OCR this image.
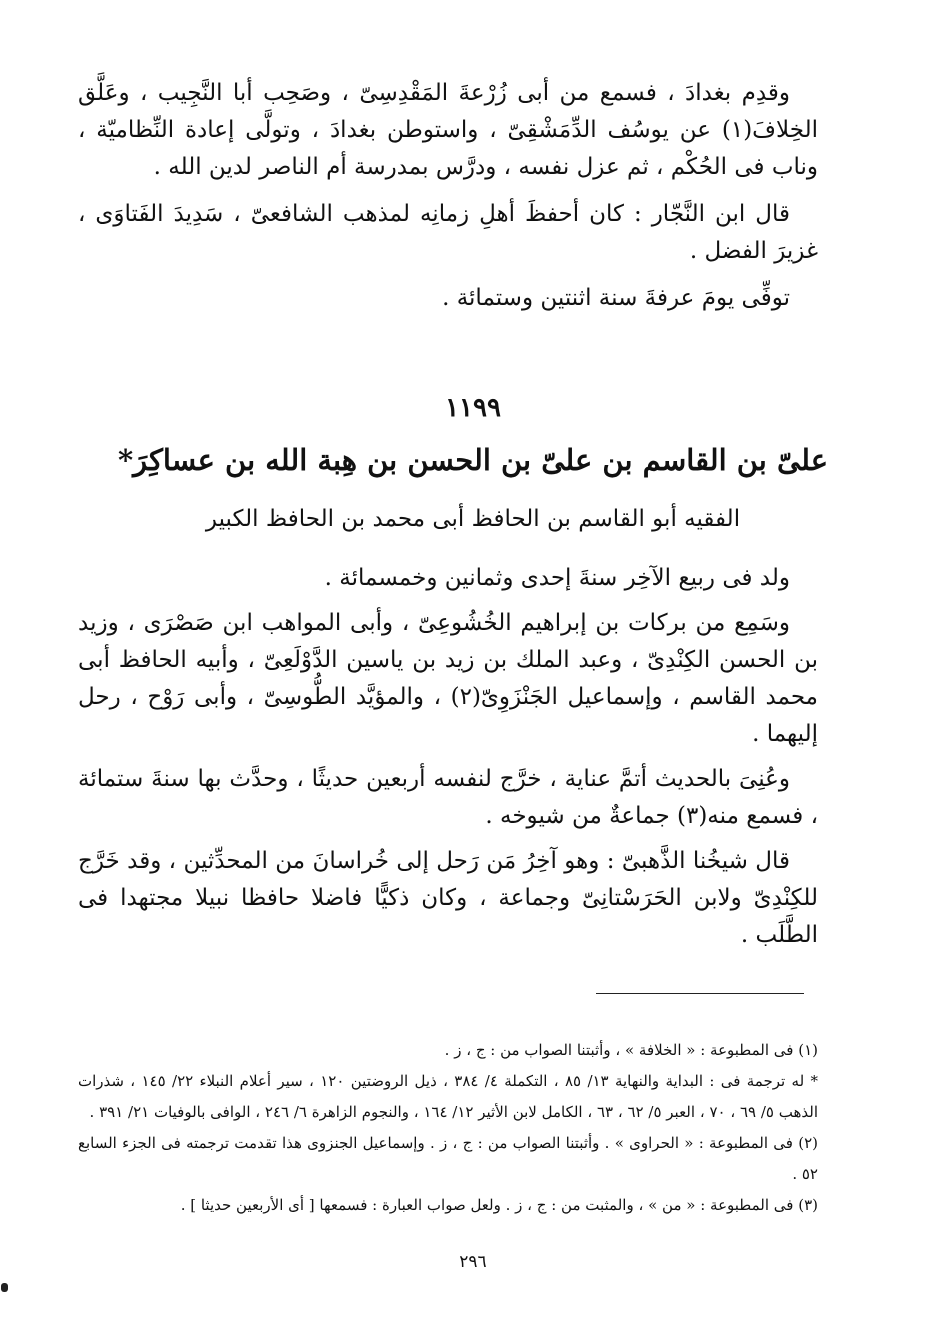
وقدِم بغدادَ ، فسمع من أبى زُرْعةَ المَقْدِسِىّ ، وصَحِب أبا النَّجِيب ، وعَلَّق الخِلافَ(١) عن يوسُف الدِّمَشْقِىّ ، واستوطن بغدادَ ، وتولَّى إعادة النِّظاميّة ، وناب فى الحُكْم ، ثم عزل نفسه ، ودرَّس بمدرسة أم الناصر لدين الله .

قال ابن النَّجّار : كان أحفظَ أهلِ زمانِه لمذهب الشافعىّ ، سَدِيدَ الفَتاوَى ، غزيرَ الفضل .

توفِّى يومَ عرفةَ سنة اثنتين وستمائة .

١١٩٩
علىّ بن القاسم بن علىّ بن الحسن بن هِبة الله بن عساكِرَ*
الفقيه أبو القاسم بن الحافظ أبى محمد بن الحافظ الكبير

ولد فى ربيع الآخِر سنةَ إحدى وثمانين وخمسمائة .

وسَمِع من بركات بن إبراهيم الخُشُوعِىّ ، وأبى المواهب ابن صَصْرَى ، وزيد بن الحسن الكِنْدِىّ ، وعبد الملك بن زيد بن ياسين الدَّوْلَعِىّ ، وأبيه الحافظ أبى محمد القاسم ، وإسماعيل الجَنْزَوِىّ(٢) ، والمؤيَّد الطُّوسِىّ ، وأبى رَوْح ، رحل إليهما .

وعُنِىَ بالحديث أتمَّ عناية ، خرَّج لنفسه أربعين حديثًا ، وحدَّث بها سنةَ ستمائة ، فسمع منه(٣) جماعةٌ من شيوخه .

قال شيخُنا الذَّهبىّ : وهو آخِرُ مَن رَحل إلى خُراسانَ من المحدِّثين ، وقد خَرَّج للكِنْدِىّ ولابن الحَرَسْتانِىّ وجماعة ، وكان ذكيًّا فاضلا حافظا نبيلا مجتهدا فى الطَّلَب .

(١) فى المطبوعة : « الخلافة » ، وأثبتنا الصواب من : ج ، ز .

* له ترجمة فى : البداية والنهاية ١٣/ ٨٥ ، التكملة ٤/ ٣٨٤ ، ذيل الروضتين ١٢٠ ، سير أعلام النبلاء ٢٢/ ١٤٥ ، شذرات الذهب ٥/ ٦٩ ، ٧٠ ، العبر ٥/ ٦٢ ، ٦٣ ، الكامل لابن الأثير ١٢/ ١٦٤ ، والنجوم الزاهرة ٦/ ٢٤٦ ، الوافى بالوفيات ٢١/ ٣٩١ .

(٢) فى المطبوعة : « الحراوى » . وأثبتنا الصواب من : ج ، ز . وإسماعيل الجنزوى هذا تقدمت ترجمته فى الجزء السابع ٥٢ .

(٣) فى المطبوعة : « من » ، والمثبت من : ج ، ز . ولعل صواب العبارة : فسمعها [ أى الأربعين حديثا ] .

٢٩٦
